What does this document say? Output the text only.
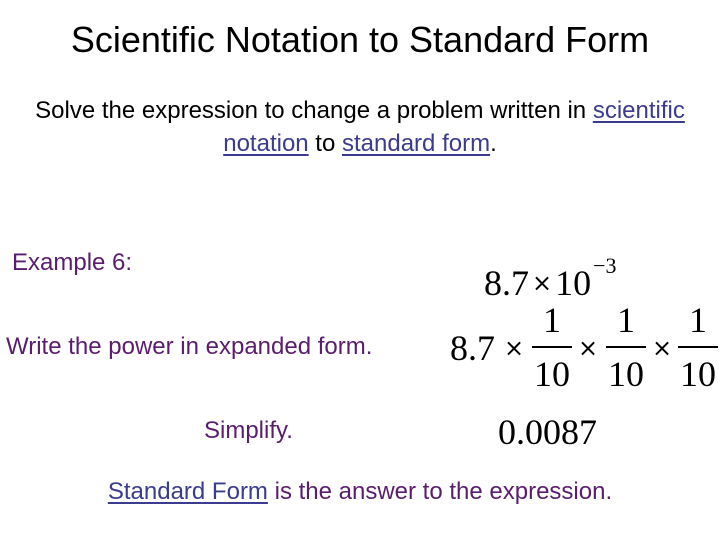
Scientific Notation to Standard Form
Solve the expression to change a problem written in scientific notation to standard form.
Example 6:
$8.7 \times 10^{-3}$
Write the power in expanded form. 8.7 ×
1
10
×
1
10
×
1
10
Simplify.	0.0087
Standard Form is the answer to the expression.
